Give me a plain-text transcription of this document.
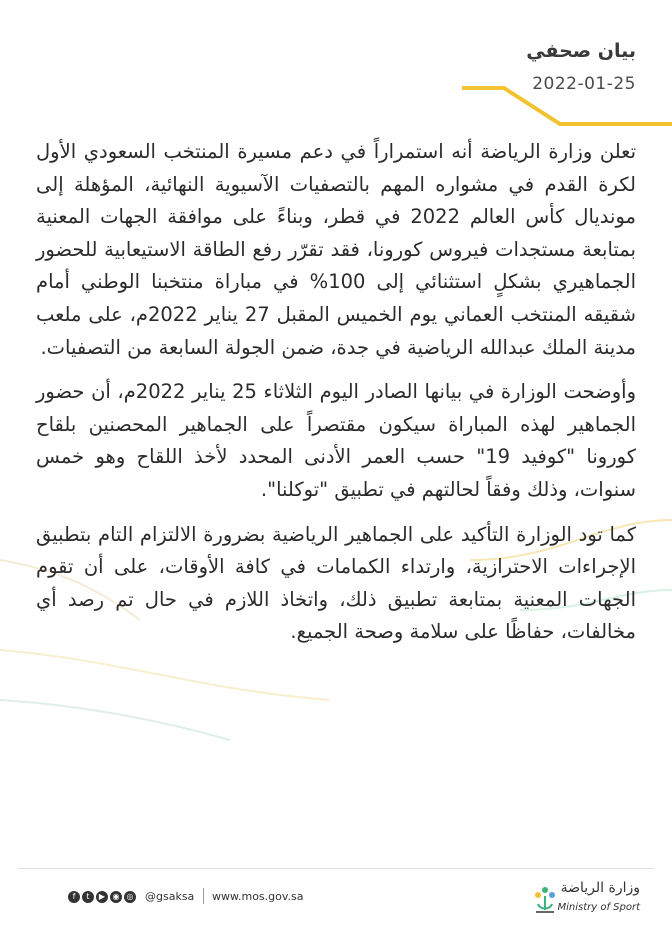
بيان صحفي
2022-01-25

تعلن وزارة الرياضة أنه استمراراً في دعم مسيرة المنتخب السعودي الأول لكرة القدم في مشواره المهم بالتصفيات الآسيوية النهائية، المؤهلة إلى مونديال كأس العالم 2022 في قطر، وبناءً على موافقة الجهات المعنية بمتابعة مستجدات فيروس كورونا، فقد تقرّر رفع الطاقة الاستيعابية للحضور الجماهيري بشكلٍ استثنائي إلى 100% في مباراة منتخبنا الوطني أمام شقيقه المنتخب العماني يوم الخميس المقبل 27 يناير 2022م، على ملعب مدينة الملك عبدالله الرياضية في جدة، ضمن الجولة السابعة من التصفيات.

وأوضحت الوزارة في بيانها الصادر اليوم الثلاثاء 25 يناير 2022م، أن حضور الجماهير لهذه المباراة سيكون مقتصراً على الجماهير المحصنين بلقاح كورونا "كوفيد 19" حسب العمر الأدنى المحدد لأخذ اللقاح وهو خمس سنوات، وذلك وفقاً لحالتهم في تطبيق "توكلنا".

كما تود الوزارة التأكيد على الجماهير الرياضية بضرورة الالتزام التام بتطبيق الإجراءات الاحترازية، وارتداء الكمامات في كافة الأوقات، على أن تقوم الجهات المعنية بمتابعة تطبيق ذلك، واتخاذ اللازم في حال تم رصد أي مخالفات، حفاظًا على سلامة وصحة الجميع.

f	t	▶ ◉ ◎ @gsaksa www.mos.gov.sa
وزارة الرياضة
Ministry of Sport
